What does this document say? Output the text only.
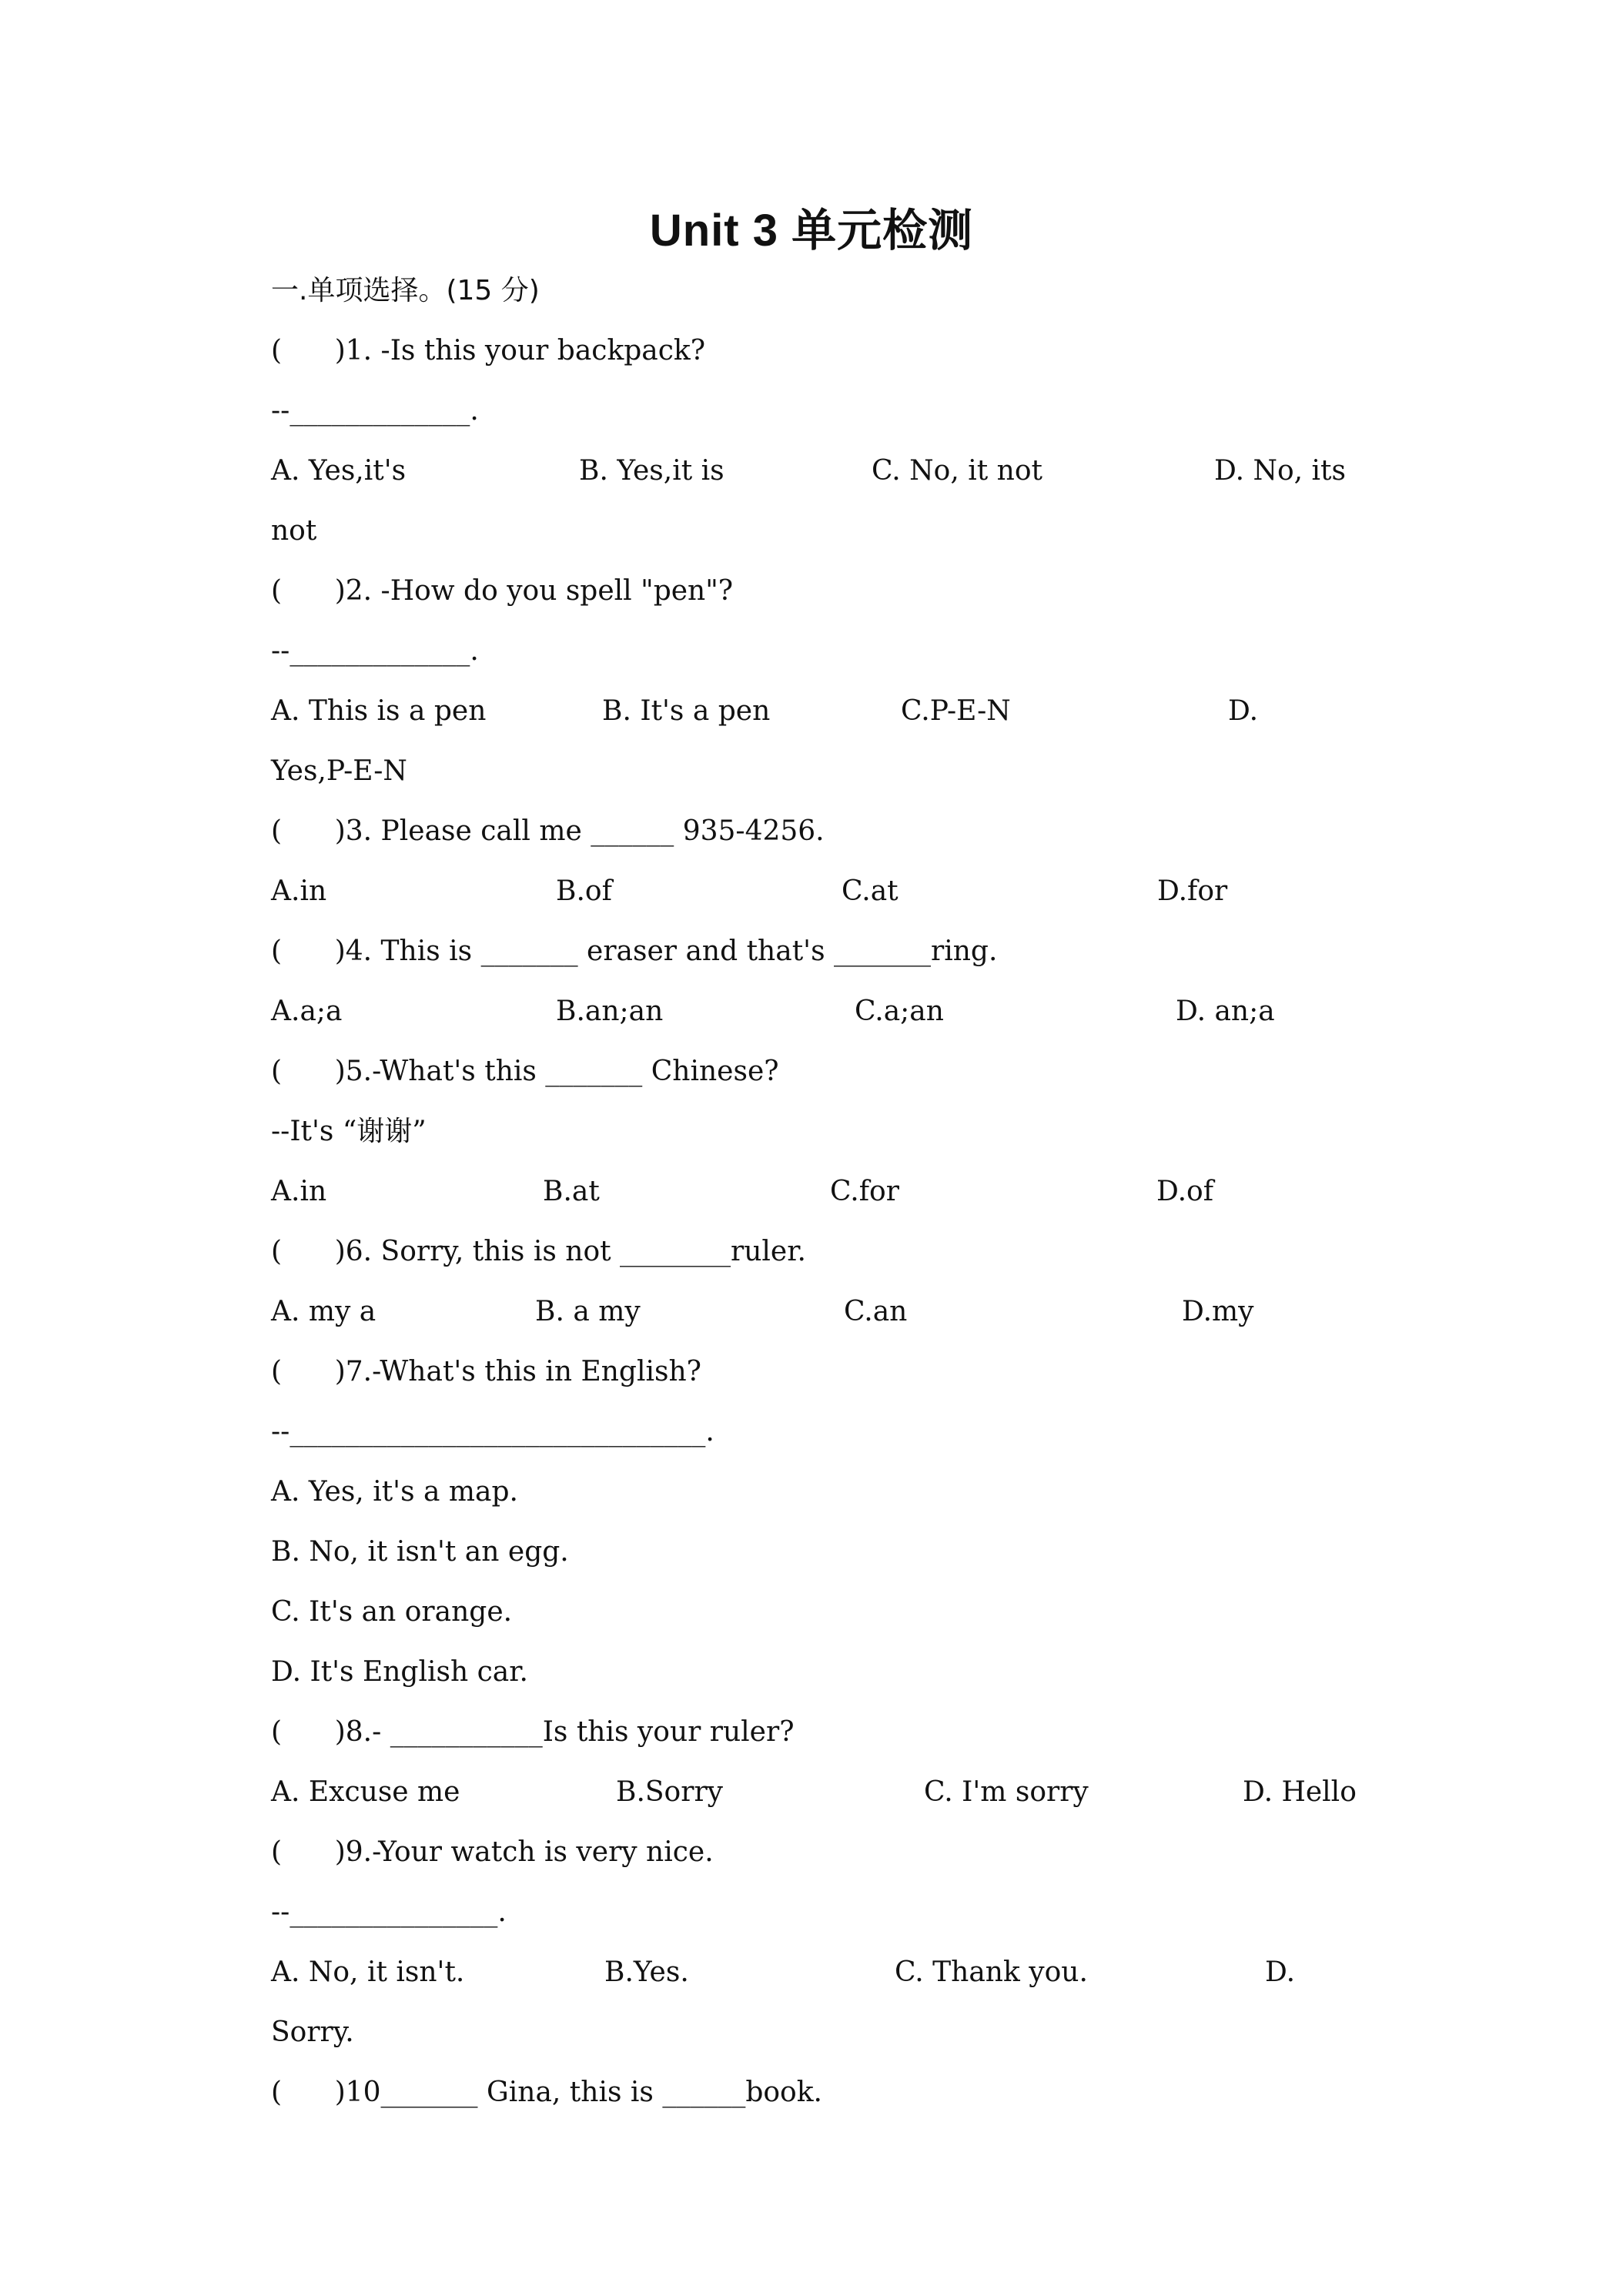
Unit 3 单元检测
一.单项选择。(15 分)
(      )1. -Is this your backpack?
--_____________.
A. Yes,it's	B. Yes,it is	C. No, it not	D. No, its
not
(      )2. -How do you spell "pen"?
--_____________.
A. This is a pen	B. It's a pen	C.P-E-N	D.
Yes,P-E-N
(      )3. Please call me ______ 935-4256.
A.in	B.of	C.at	D.for
(      )4. This is _______ eraser and that's _______ring.
A.a;a	B.an;an	C.a;an	D. an;a
(      )5.-What's this _______ Chinese?
--It's “谢谢”
A.in	B.at	C.for	D.of
(      )6. Sorry, this is not ________ruler.
A. my a	B. a my	C.an	D.my
(      )7.-What's this in English?
--______________________________.
A. Yes, it's a map.
B. No, it isn't an egg.
C. It's an orange.
D. It's English car.
(      )8.- ___________Is this your ruler?
A. Excuse me	B.Sorry	C. I'm sorry	D. Hello
(      )9.-Your watch is very nice.
--_______________.
A. No, it isn't.	B.Yes.	C. Thank you.	D.
Sorry.
(      )10_______ Gina, this is ______book.
